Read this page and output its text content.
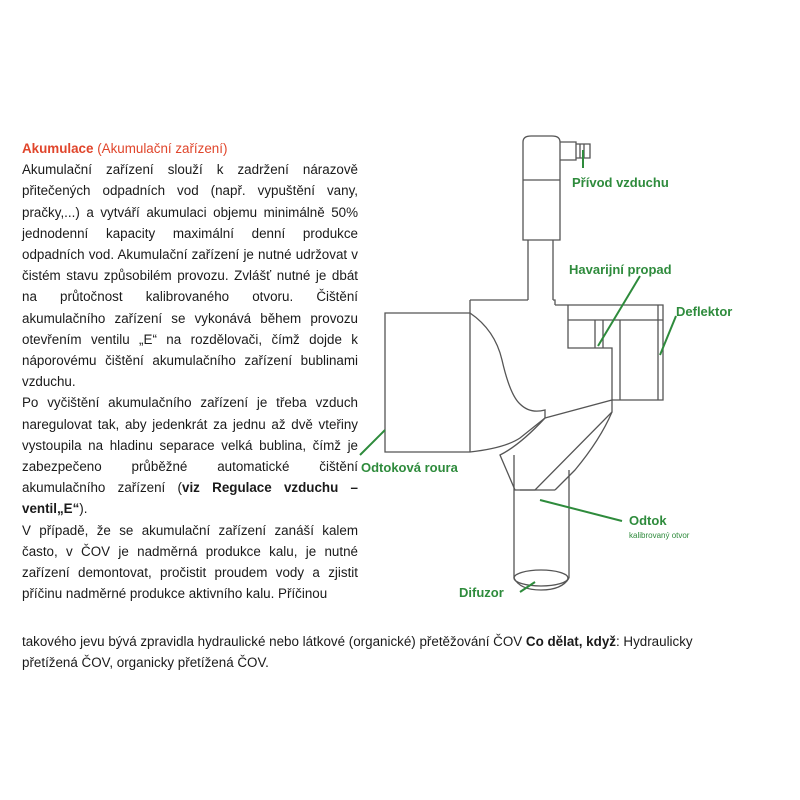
Akumulace (Akumulační zařízení)

Akumulační zařízení slouží k zadržení nárazově přitečených odpadních vod (např. vypuštění vany, pračky,...) a vytváří akumulaci objemu minimálně 50% jednodenní kapacity maximální denní produkce odpadních vod. Akumulační zařízení je nutné udržovat v čistém stavu způsobilém provozu. Zvlášť nutné je dbát na průtočnost kalibrovaného otvoru. Čištění akumulačního zařízení se vykonává během provozu otevřením ventilu „E“ na rozdělovači, čímž dojde k náporovému čištění akumulačního zařízení bublinami vzduchu.

Po vyčištění akumulačního zařízení je třeba vzduch naregulovat tak, aby jedenkrát za jednu až dvě vteřiny vystoupila na hladinu separace velká bublina, čímž je zabezpečeno průběžné automatické čištění akumulačního zařízení (viz Regulace vzduchu – ventil„E“).

V případě, že se akumulační zařízení zanáší kalem často, v ČOV je nadměrná produkce kalu, je nutné zařízení demontovat, pročistit proudem vody a zjistit příčinu nadměrné produkce aktivního kalu. Příčinou

takového jevu bývá zpravidla hydraulické nebo látkové (organické) přetěžování ČOV Co dělat, když: Hydraulicky

přetížená ČOV, organicky přetížená ČOV.

Přívod vzduchu
Havarijní propad
Deflektor
Odtoková roura
Odtok
kalibrovaný otvor
Difuzor
